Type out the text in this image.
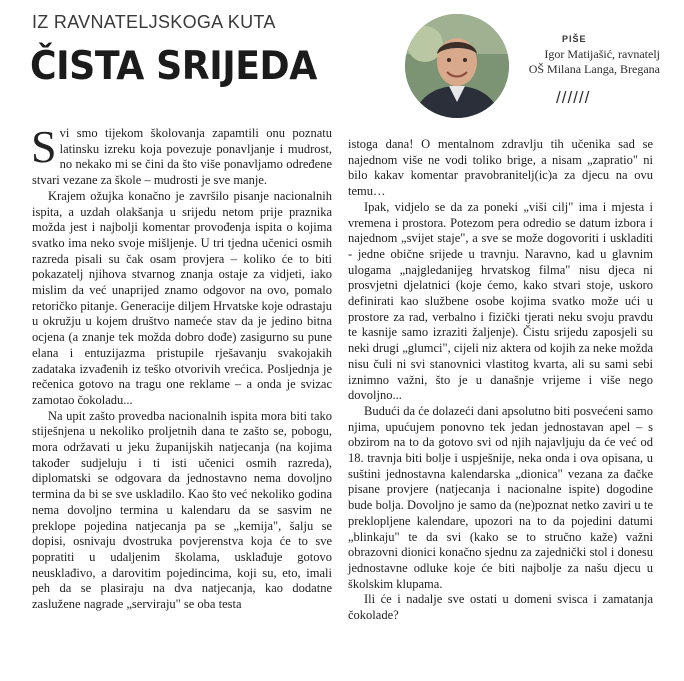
IZ RAVNATELJSKOGA KUTA
ČISTA SRIJEDA
PIŠE
Igor Matijašić, ravnatelj
OŠ Milana Langa, Bregana
//////

Svi smo tijekom školovanja zapamtili onu poznatu latinsku izreku koja povezuje ponavljanje i mudrost, no nekako mi se čini da što više ponavljamo određene stvari vezane za škole – mudrosti je sve manje.

Krajem ožujka konačno je završilo pisanje nacionalnih ispita, a uzdah olakšanja u srijedu netom prije praznika možda jest i najbolji komentar provođenja ispita o kojima svatko ima neko svoje mišljenje. U tri tjedna učenici osmih razreda pisali su čak osam provjera – koliko će to biti pokazatelj njihova stvarnog znanja ostaje za vidjeti, iako mislim da već unaprijed znamo odgovor na ovo, pomalo retoričko pitanje. Generacije diljem Hrvatske koje odrastaju u okružju u kojem društvo nameće stav da je jedino bitna ocjena (a znanje tek možda dobro dođe) zasigurno su pune elana i entuzijazma pristupile rješavanju svakojakih zadataka izvađenih iz teško otvorivih vrećica. Posljednja je rečenica gotovo na tragu one reklame – a onda je svizac zamotao čokoladu...

Na upit zašto provedba nacionalnih ispita mora biti tako stiješnjena u nekoliko proljetnih dana te zašto se, pobogu, mora održavati u jeku županijskih natjecanja (na kojima također sudjeluju i ti isti učenici osmih razreda), diplomatski se odgovara da jednostavno nema dovoljno termina da bi se sve uskladilo. Kao što već nekoliko godina nema dovoljno termina u kalendaru da se sasvim ne preklope pojedina natjecanja pa se „kemija", šalju se dopisi, osnivaju dvostruka povjerenstva koja će to sve popratiti u udaljenim školama, usklađuje gotovo neusklađivo, a darovitim pojedincima, koji su, eto, imali peh da se plasiraju na dva natjecanja, kao dodatne zaslužene nagrade „serviraju" se oba testa

istoga dana! O mentalnom zdravlju tih učenika sad se najednom više ne vodi toliko brige, a nisam „zapratio" ni bilo kakav komentar pravobranitelj(ic)a za djecu na ovu temu…

Ipak, vidjelo se da za poneki „viši cilj" ima i mjesta i vremena i prostora. Potezom pera odredio se datum izbora i najednom „svijet staje", a sve se može dogovoriti i uskladiti - jedne obične srijede u travnju. Naravno, kad u glavnim ulogama „najgledanijeg hrvatskog filma" nisu djeca ni prosvjetni djelatnici (koje ćemo, kako stvari stoje, uskoro definirati kao službene osobe kojima svatko može ući u prostore za rad, verbalno i fizički tjerati neku svoju pravdu te kasnije samo izraziti žaljenje). Čistu srijedu zaposjeli su neki drugi „glumci", cijeli niz aktera od kojih za neke možda nisu čuli ni svi stanovnici vlastitog kvarta, ali su sami sebi iznimno važni, što je u današnje vrijeme i više nego dovoljno...

Budući da će dolazeći dani apsolutno biti posvećeni samo njima, upućujem ponovno tek jedan jednostavan apel – s obzirom na to da gotovo svi od njih najavljuju da će već od 18. travnja biti bolje i uspješnije, neka onda i ova opisana, u suštini jednostavna kalendarska „dionica" vezana za đačke pisane provjere (natjecanja i nacionalne ispite) dogodine bude bolja. Dovoljno je samo da (ne)poznat netko zaviri u te preklopljene kalendare, upozori na to da pojedini datumi „blinkaju" te da svi (kako se to stručno kaže) važni obrazovni dionici konačno sjednu za zajednički stol i donesu jednostavne odluke koje će biti najbolje za našu djecu u školskim klupama.

Ili će i nadalje sve ostati u domeni svisca i zamatanja čokolade?
